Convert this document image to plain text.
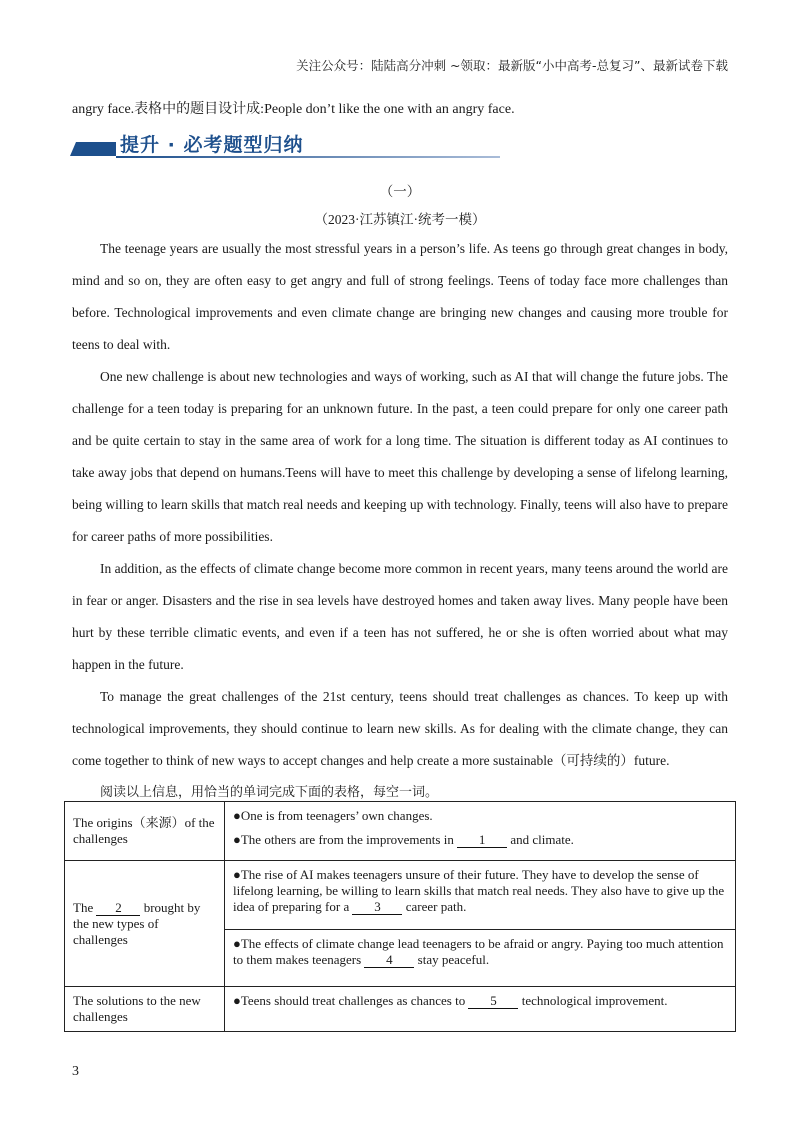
关注公众号：陆陆高分冲刺 ~领取：最新版“小中高考-总复习”、最新试卷下载
angry face.表格中的题目设计成:People don’t like the one with an angry face.
提升 · 必考题型归纳
（一）
（2023·江苏镇江·统考一模）

The teenage years are usually the most stressful years in a person’s life. As teens go through great changes in body, mind and so on, they are often easy to get angry and full of strong feelings. Teens of today face more challenges than before. Technological improvements and even climate change are bringing new changes and causing more trouble for teens to deal with.

One new challenge is about new technologies and ways of working, such as AI that will change the future jobs. The challenge for a teen today is preparing for an unknown future. In the past, a teen could prepare for only one career path and be quite certain to stay in the same area of work for a long time. The situation is different today as AI continues to take away jobs that depend on humans.Teens will have to meet this challenge by developing a sense of lifelong learning, being willing to learn skills that match real needs and keeping up with technology. Finally, teens will also have to prepare for career paths of more possibilities.

In addition, as the effects of climate change become more common in recent years, many teens around the world are in fear or anger. Disasters and the rise in sea levels have destroyed homes and taken away lives. Many people have been hurt by these terrible climatic events, and even if a teen has not suffered, he or she is often worried about what may happen in the future.

To manage the great challenges of the 21st century, teens should treat challenges as chances. To keep up with technological improvements, they should continue to learn new skills. As for dealing with the climate change, they can come together to think of new ways to accept changes and help create a more sustainable（可持续的）future.

阅读以上信息，用恰当的单词完成下面的表格，每空一词。

The origins（来源）of the challenges	●One is from teenagers’ own changes.

●The others are from the improvements in 1 and climate.

The 2 brought by the new types of challenges	●The rise of AI makes teenagers unsure of their future. They have to develop the sense of lifelong learning, be willing to learn skills that match real needs. They also have to give up the idea of preparing for a 3 career path.
	●The effects of climate change lead teenagers to be afraid or angry. Paying too much attention to them makes teenagers 4 stay peaceful.
The solutions to the new challenges	●Teens should treat challenges as chances to 5 technological improvement.
3
